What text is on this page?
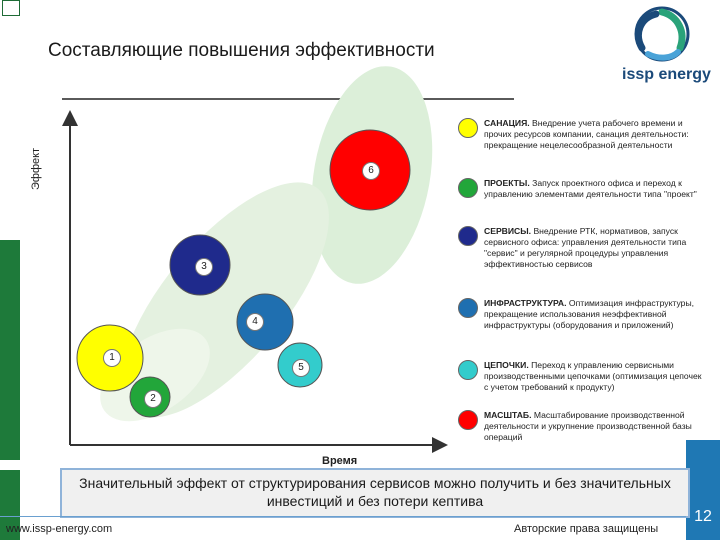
Составляющие повышения эффективности
issp energy
6
3
4
1
5
2
Эффект
Время
САНАЦИЯ. Внедрение учета рабочего времени и прочих ресурсов компании, санация деятельности: прекращение нецелесообразной деятельности
ПРОЕКТЫ. Запуск проектного офиса и переход к управлению элементами деятельности типа "проект"
СЕРВИСЫ. Внедрение РТК, нормативов, запуск сервисного офиса: управления деятельности типа "сервис" и регулярной процедуры управления эффективностью сервисов
ИНФРАСТРУКТУРА. Оптимизация инфраструктуры, прекращение использования неэффективной инфраструктуры (оборудования и приложений)
ЦЕПОЧКИ. Переход к управлению сервисными производственными цепочками (оптимизация цепочек с учетом требований к продукту)
МАСШТАБ. Масштабирование производственной деятельности и укрупнение производственной базы операций
Значительный эффект от структурирования сервисов можно получить и без значительных инвестиций и без потери кептива
www.issp-energy.com	Авторские права защищены
12
